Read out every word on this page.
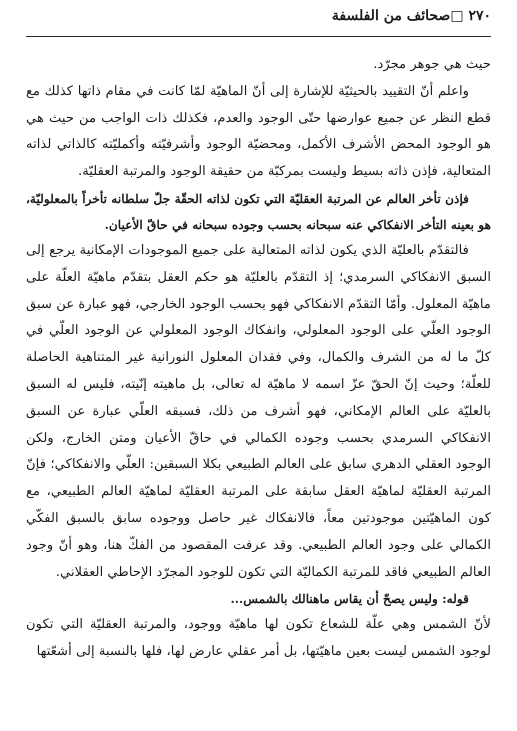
٢٧٠ □صحائف من الفلسفة

حيث هي جوهر مجرّد.

واعلم أنّ التقييد بالحيثيّة للإشارة إلى أنّ الماهيّة لمّا كانت في مقام ذاتها كذلك مع قطع النظر عن جميع عوارضها حتّى الوجود والعدم، فكذلك ذات الواجب من حيث هي هو الوجود المحض الأشرف الأكمل، ومحضيّة الوجود وأشرفيّته وأكمليّته كالذاتي لذاته المتعالية، فإذن ذاته بسيط وليست بمركبّة من حقيقة الوجود والمرتبة العقليّة.

فإذن تأخر العالم عن المرتبة العقليّة التي تكون لذاته الحقّة جلّ سلطانه تأخراً بالمعلوليّة، هو بعينه التأخر الانفكاكي عنه سبحانه بحسب وجوده سبحانه في حاقّ الأعيان.

فالتقدّم بالعليّة الذي يكون لذاته المتعالية على جميع الموجودات الإمكانية يرجع إلى السبق الانفكاكي السرمدي؛ إذ التقدّم بالعليّة هو حكم العقل بتقدّم ماهيّة العلّة على ماهيّة المعلول. وأمّا التقدّم الانفكاكي فهو بحسب الوجود الخارجي، فهو عبارة عن سبق الوجود العلّي على الوجود المعلولي، وانفكاك الوجود المعلولي عن الوجود العلّي في كلّ ما له من الشرف والكمال، وفي فقدان المعلول النورانية غير المتناهية الحاصلة للعلّة؛ وحيث إنّ الحقّ عزّ اسمه لا ماهيّة له تعالى، بل ماهيته إنّيته، فليس له السبق بالعليّة على العالم الإمكاني، فهو أشرف من ذلك، فسبقه العلّي عبارة عن السبق الانفكاكي السرمدي بحسب وجوده الكمالي في حاقّ الأعيان ومتن الخارج، ولكن الوجود العقلي الدهري سابق على العالم الطبيعي بكلا السبقين: العلّي والانفكاكي؛ فإنّ المرتبة العقليّة لماهيّة العقل سابقة على المرتبة العقليّة لماهيّة العالم الطبيعي، مع كون الماهيّتين موجودتين معاً، فالانفكاك غير حاصل ووجوده سابق بالسبق الفكّي الكمالي على وجود العالم الطبيعي. وقد عرفت المقصود من الفكّ هنا، وهو أنّ وجود العالم الطبيعي فاقد للمرتبة الكماليّة التي تكون للوجود المجرّد الإحاطي العقلاني.

قوله: وليس يصحّ أن يقاس ماهنالك بالشمس...

لأنّ الشمس وهي علّة للشعاع تكون لها ماهيّة ووجود، والمرتبة العقليّة التي تكون لوجود الشمس ليست بعين ماهيّتها، بل أمر عقلي عارض لها، فلها بالنسبة إلى أشعّتها
